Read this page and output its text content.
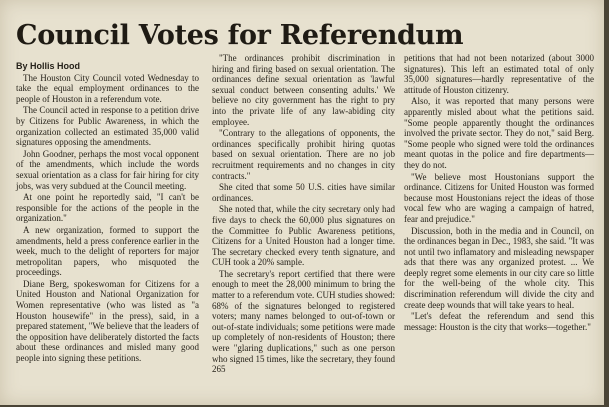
Council Votes for Referendum
By Hollis Hood

The Houston City Council voted Wednesday to take the equal employment ordinances to the people of Houston in a referendum vote.

The Council acted in response to a petition drive by Citizens for Public Awareness, in which the organization collected an estimated 35,000 valid signatures opposing the amendments.

John Goodner, perhaps the most vocal opponent of the amendments, which include the words sexual orientation as a class for fair hiring for city jobs, was very subdued at the Council meeting.

At one point he reportedly said, "I can't be responsible for the actions of the people in the organization."

A new organization, formed to support the amendments, held a press conference earlier in the week, much to the delight of reporters for major metropolitan papers, who misquoted the proceedings.

Diane Berg, spokeswoman for Citizens for a United Houston and National Organization for Women representative (who was listed as "a Houston housewife" in the press), said, in a prepared statement, "We believe that the leaders of the opposition have deliberately distorted the facts about these ordinances and misled many good people into signing these petitions.

"The ordinances prohibit discrimination in hiring and firing based on sexual orientation. The ordinances define sexual orientation as 'lawful sexual conduct between consenting adults.' We believe no city government has the right to pry into the private life of any law-abiding city employee.

"Contrary to the allegations of opponents, the ordinances specifically prohibit hiring quotas based on sexual orientation. There are no job recruitment requirements and no changes in city contracts."

She cited that some 50 U.S. cities have similar ordinances.

She noted that, while the city secretary only had five days to check the 60,000 plus signatures on the Committee fo Public Awareness petitions, Citizens for a United Houston had a longer time. The secretary checked every tenth signature, and CUH took a 20% sample.

The secretary's report certified that there were enough to meet the 28,000 minimum to bring the matter to a referendum vote. CUH studies showed: 68% of the signatures belonged to registered voters; many names belonged to out-of-town or out-of-state individuals; some petitions were made up completely of non-residents of Houston; there were "glaring duplications," such as one person who signed 15 times, like the secretary, they found 265

petitions that had not been notarized (about 3000 signatures). This left an estimated total of only 35,000 signatures—hardly representative of the attitude of Houston citizenry.

Also, it was reported that many persons were apparently misled about what the petitions said. "Some people apparently thought the ordinances involved the private sector. They do not," said Berg. "Some people who signed were told the ordinances meant quotas in the police and fire departments—they do not.

"We believe most Houstonians support the ordinance. Citizens for United Houston was formed because most Houstonians reject the ideas of those vocal few who are waging a campaign of hatred, fear and prejudice."

Discussion, both in the media and in Council, on the ordinances began in Dec., 1983, she said. "It was not until two inflamatory and misleading newspaper ads that there was any organized protest. ... We deeply regret some elements in our city care so little for the well-being of the whole city. This discrimination referendum will divide the city and create deep wounds that will take years to heal.

"Let's defeat the referendum and send this message: Houston is the city that works—together."
